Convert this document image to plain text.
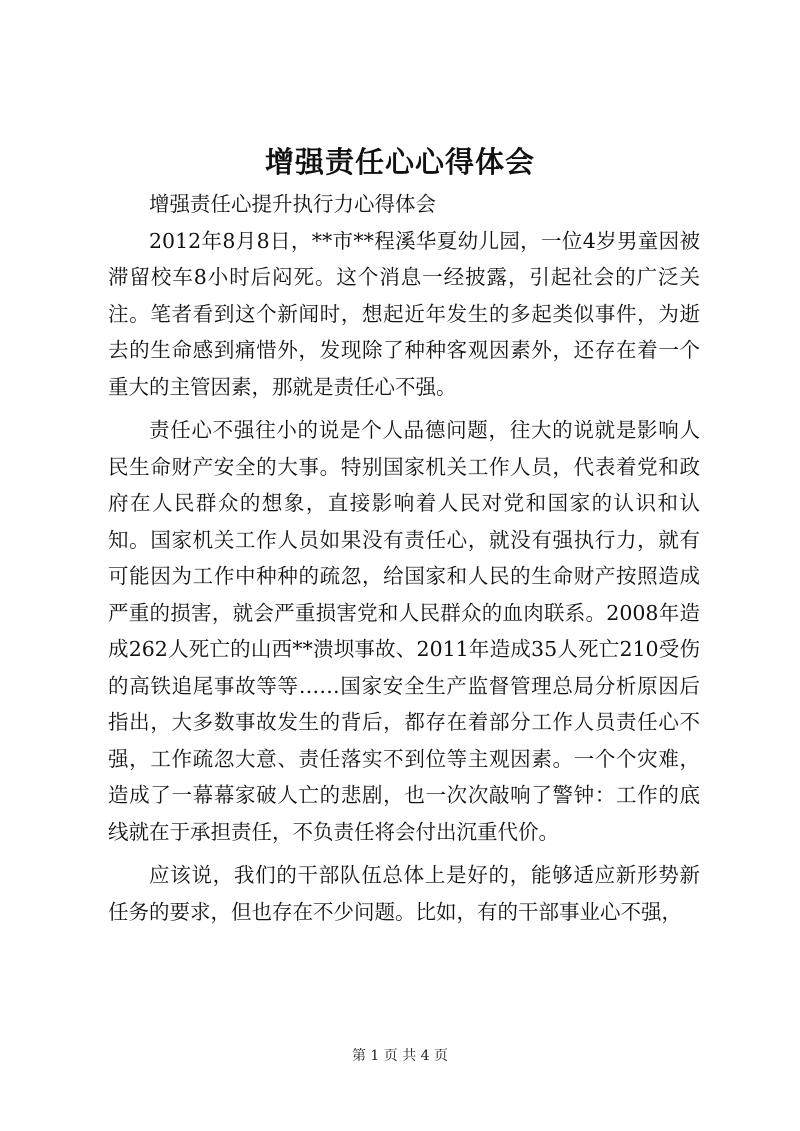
增强责任心心得体会

增强责任心提升执行力心得体会

2012年8月8日，**市**程溪华夏幼儿园，一位4岁男童因被滞留校车8小时后闷死。这个消息一经披露，引起社会的广泛关注。笔者看到这个新闻时，想起近年发生的多起类似事件，为逝去的生命感到痛惜外，发现除了种种客观因素外，还存在着一个重大的主管因素，那就是责任心不强。

责任心不强往小的说是个人品德问题，往大的说就是影响人民生命财产安全的大事。特别国家机关工作人员，代表着党和政府在人民群众的想象，直接影响着人民对党和国家的认识和认知。国家机关工作人员如果没有责任心，就没有强执行力，就有可能因为工作中种种的疏忽，给国家和人民的生命财产按照造成严重的损害，就会严重损害党和人民群众的血肉联系。2008年造成262人死亡的山西**溃坝事故、2011年造成35人死亡210受伤的高铁追尾事故等等……国家安全生产监督管理总局分析原因后指出，大多数事故发生的背后，都存在着部分工作人员责任心不强，工作疏忽大意、责任落实不到位等主观因素。一个个灾难，造成了一幕幕家破人亡的悲剧，也一次次敲响了警钟：工作的底线就在于承担责任，不负责任将会付出沉重代价。

应该说，我们的干部队伍总体上是好的，能够适应新形势新任务的要求，但也存在不少问题。比如，有的干部事业心不强，

第 1 页 共 4 页
